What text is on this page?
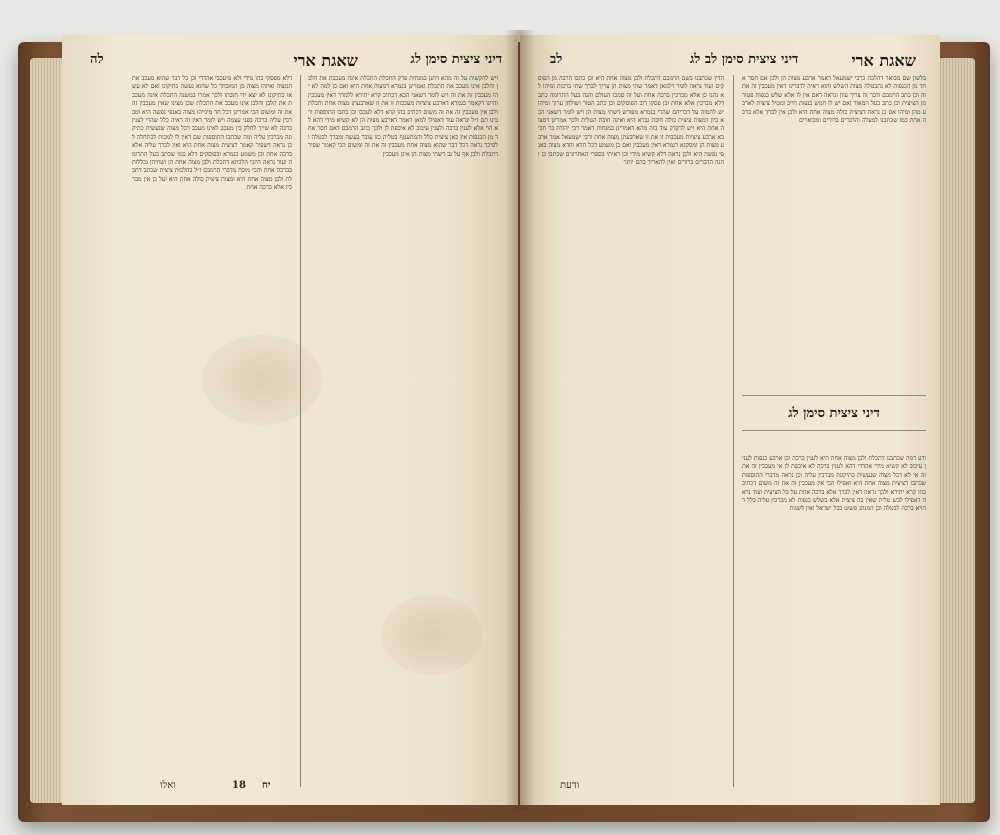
דיני ציצית סימן לג
לה	שאגת ארי
דלא מפסקי בהו מידי ולא מיעכבי אהדדי וכן כל דבר שהוא מעכב את המצוה ואיזהו מצוה מן המובחר כל שהוא נעשה כתיקונו ואם לא עשאו כתיקונו לא יצא ידי חובתו ולכך אמרו במשנה התכלת אינה מעכבת את הלבן והלבן אינו מעכב את התכלת שכן מצינו שאין מעכבין זה את זה ומשום הכי אמרינן דכל חד מינייהו מצוה באנפי נפשה היא ומברכין עליה ברכה בפני עצמה ויש לומר דאין זה ראיה כלל שהרי לענין ברכה לא שייך לחלק בין מעכב לאינו מעכב דכל מצוה שנעשית כתיקונה מברכין עליה ומה שכתבו התוספות שם דאין לו למכות לכתחלה לכן נראה דשפיר קאמר דציצית מצוה אחת היא ואין לברך עליה אלא ברכה אחת וכן משמע בגמרא ובפוסקים דלא כמו שכתב בעל התרומה ועוד נראה דהכי הלכתא דתכלת ולבן מצוה אחת הן ושתיהן נכללות בברכה אחת והכי מוכח מדברי הרמבם ז״ל בהלכות ציצית שכתב דתכלת ולבן מצוה אחת היא ומצות ציצית כולה אחת היא ועל כן אין מברכין אלא ברכה אחת
ויש להקשות על זה מהא דתנן במנחות פרק התכלת התכלת אינה מעכבת את הלבן והלבן אינו מעכב את התכלת ואמרינן בגמרא דמצוה אחת היא ואם כן למה לא יהו מעכבין זה את זה ויש לומר דשאני הכא דכתיב קרא יתירא ללמדך דאין מעכבין והיינו דקאמר בגמרא דארבע ציציות מעכבות זו את זו שארבעתן מצוה אחת ותכלת ולבן אין מעכבין זה את זה משום דכתיב בהו קרא דלא לעכבו וכן כתבו התוספות ורבינו תם ז״ל ונראה עוד דאפילו למאן דאמר דארבע מצות הן לא קשיא מידי דהא לא הוי אלא לענין ברכה ולענין עיכוב לא איכפת לן ולכך כתב הרמבם דאם חסר אחד מן הכנפות אין כאן ציצית כלל והמתעטף בטלית כזו עובר בעשה ומברך לבטלה ולפיכך נראה דכל דבר שהוא מצוה אחת מעכבין זה את זה ומשום הכי קאמר שפיר דתכלת ולבן אף על גב דשתי מצות הן אינן מעכבין
ואלו	18 יח
שאגת ארי
דיני ציצית סימן לב לג
לב
הדין שכתבנו בשם הרמבם דתכלת ולבן מצוה אחת היא וכן כתבו הרבה מן הפוסקים ועוד נראה לומר דלמאן דאמר שתי מצות הן צריך לברך שתי ברכות ומיהו לא נהגו כן אלא מברכין ברכה אחת ועל זה סמכו העולם והנה בעל התרומה כתב דלא מברכין אלא אחת וכן פסקו רוב הפוסקים וכן כתב הטור ושולחן ערוך ומיהו יש לתמוה על דבריהם שהרי בגמרא מפורש דשתי מצות הן ויש לומר דשאני הכא כיון דמצות ציצית כולה חובת גברא היא ואינה חובת הטלית ולכך אמרינן דמצוה אחת היא ויש לדקדק עוד בזה מהא דאמרינן במנחות דאמר רבי יהודה בר חביבא ארבע ציציות מעכבות זו את זו שארבעתן מצוה אחת ורבי ישמעאל אמר ארבע מצות הן ומסקנא דגמרא דאין מעכבין ואם כן משמע דכל חדא וחדא מצוה באנפי נפשה היא ולכן נראה דלא קשיא מידי וכן ראיתי בספרי האחרונים שכתבו כן והנה הדברים ברורים ואין להאריך בהם יותר
בלשון שם מבואר דהלכה כרבי ישמעאל דאמר ארבע מצות הן ולכן אם חסר אחד מן הכנפות לא נתבטלה מצות השלש והוא ראיה לדברינו דאין מעכבין זה את זה וכן כתב הרמבם ודבר זה צריך עיון ונראה דאם אין לו אלא שלש כנפות פטור מן הציצית וכן כתב בעל המאור ואם יש לו חמש כנפות חייב ומטיל ציצית לארבע מהן ומיהו אם כן נראה דציצית כולה מצוה אחת היא ולכן אין לברך אלא ברכה אחת כמו שכתבנו למעלה והדברים ברורים ומבוארים
דיני ציצית סימן לג
ודע דמה שכתבנו דתכלת ולבן מצוה אחת היא לענין ברכה וכן ארבע כנפות לענין עיכוב לא קשיא מידי אהדדי דהא לענין ברכה לא איכפת לן אי מעכבין זה את זה אי לא דכל מצוה שנעשית כתיקונה מברכין עליה וכן נראה מדברי התוספות שכתבו דציצית מצוה אחת היא ואפילו הכי אין מעכבין זה את זה משום דכתיב בהו קרא יתירא ולכך נראה דאין לברך אלא ברכה אחת על כל הציצית ועוד נראה דאפילו לבש טלית שאין בה ציצית אלא בשלש כנפות לא מברכין עליה כלל דהויא ברכה לבטלה וכן המנהג פשוט בכל ישראל ואין לשנות
ודעת
